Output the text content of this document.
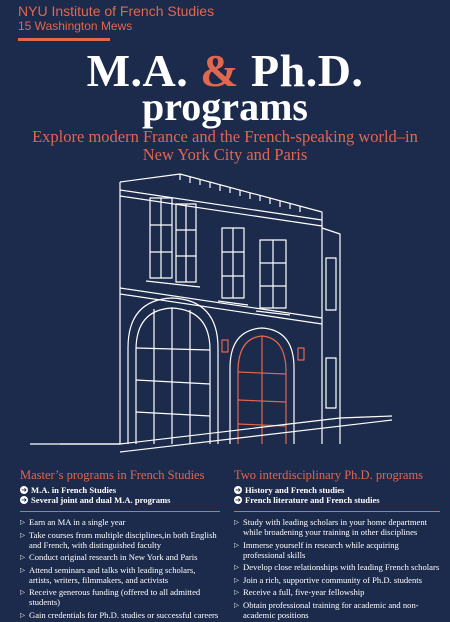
NYU Institute of French Studies
15 Washington Mews
M.A. & Ph.D.
programs
Explore modern France and the French-speaking world–in New York City and Paris
Master’s programs in French Studies
➜ M.A. in French Studies
➜ Several joint and dual M.A. programs
▷ Earn an MA in a single year
▷ Take courses from multiple disciplines,in both English and French, with distinguished faculty
▷ Conduct original research in New York and Paris
▷ Attend seminars and talks with leading scholars, artists, writers, filmmakers, and activists
▷ Receive generous funding (offered to all admitted students)
▷ Gain credentials for Ph.D. studies or successful careers
Two interdisciplinary Ph.D. programs
➜ History and French studies
➜ French literature and French studies
▷ Study with leading scholars in your home department while broadening your training in other disciplines
▷ Immerse yourself in research while acquiring professional skills
▷ Develop close relationships with leading French scholars
▷ Join a rich, supportive community of Ph.D. students
▷ Receive a full, five-year fellowship
▷ Obtain professional training for academic and non-academic positions
